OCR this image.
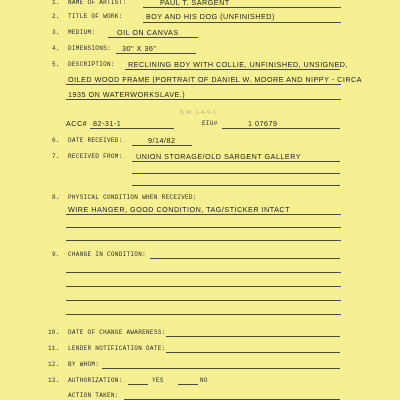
1. NAME OF ARTIST:	PAUL T. SARGENT
2. TITLE OF WORK:	BOY AND HIS DOG (UNFINISHED)
3. MEDIUM:	OIL ON CANVAS
4. DIMENSIONS: 30" X 36"
5. DESCRIPTION: RECLINING BOY WITH COLLIE, UNFINISHED, UNSIGNED,
OILED WOOD FRAME (PORTRAIT OF DANIEL W. MOORE AND NIPPY - CIRCA
1935 ON WATERWORKSLAVE.)
S.M. 1-4-9-1
ACC# 82-31-1	EIU#	1 07679
6. DATE RECEIVED:	9/14/82
7. RECEIVED FROM: UNION STORAGE/OLD SARGENT GALLERY
8. PHYSICAL CONDITION WHEN RECEIVED:
WIRE HANGER, GOOD CONDITION, TAG/STICKER INTACT
9. CHANGE IN CONDITION:
10. DATE OF CHANGE AWARENESS:
11. LENDER NOTIFICATION DATE:
12. BY WHOM:
13. AUTHORIZATION:	YES	NO
ACTION TAKEN:
